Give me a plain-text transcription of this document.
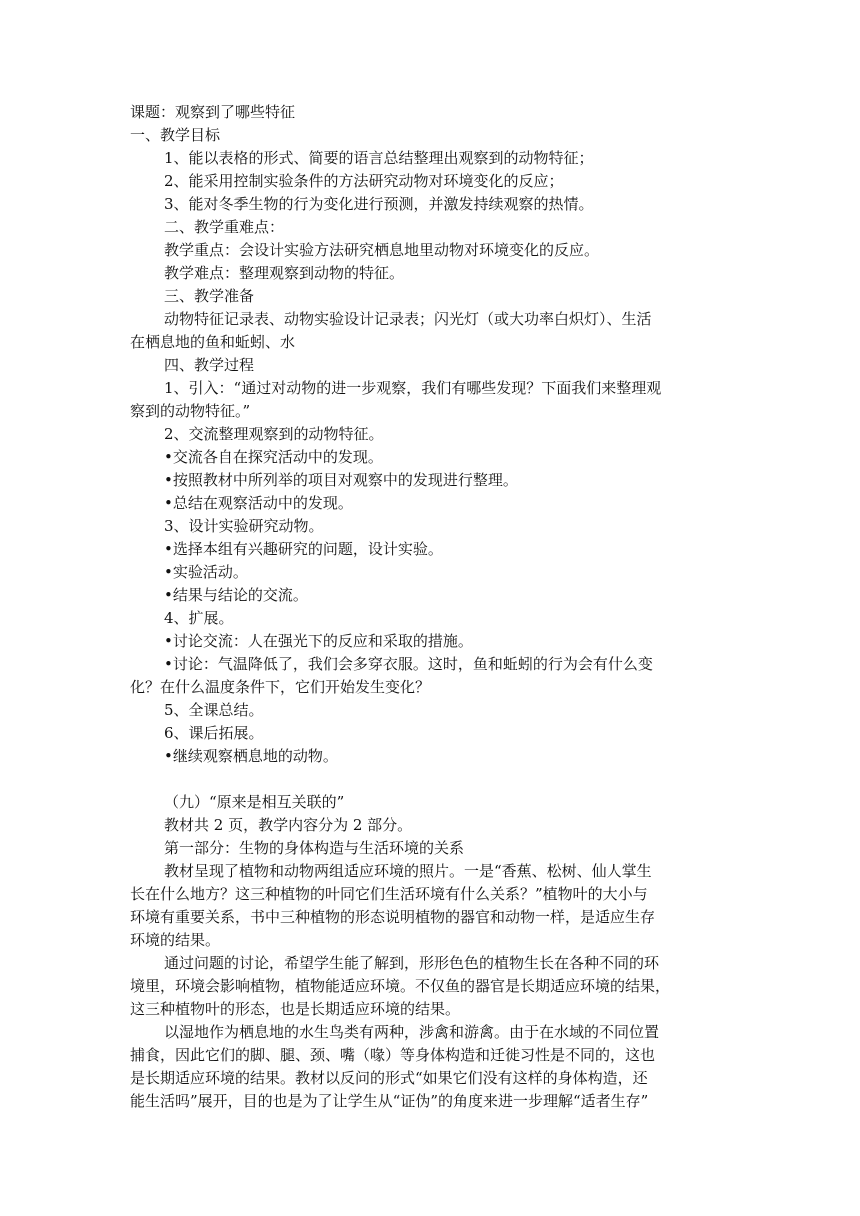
课题：观察到了哪些特征
一、教学目标
1、能以表格的形式、简要的语言总结整理出观察到的动物特征；
2、能采用控制实验条件的方法研究动物对环境变化的反应；
3、能对冬季生物的行为变化进行预测，并激发持续观察的热情。
二、教学重难点：
教学重点：会设计实验方法研究栖息地里动物对环境变化的反应。
教学难点：整理观察到动物的特征。
三、教学准备
动物特征记录表、动物实验设计记录表；闪光灯（或大功率白炽灯）、生活
在栖息地的鱼和蚯蚓、水
四、教学过程
1、引入：“通过对动物的进一步观察，我们有哪些发现？下面我们来整理观
察到的动物特征。”
2、交流整理观察到的动物特征。
•交流各自在探究活动中的发现。
•按照教材中所列举的项目对观察中的发现进行整理。
•总结在观察活动中的发现。
3、设计实验研究动物。
•选择本组有兴趣研究的问题，设计实验。
•实验活动。
•结果与结论的交流。
4、扩展。
•讨论交流：人在强光下的反应和采取的措施。
•讨论：气温降低了，我们会多穿衣服。这时，鱼和蚯蚓的行为会有什么变
化？在什么温度条件下，它们开始发生变化？
5、全课总结。
6、课后拓展。
•继续观察栖息地的动物。
（九）“原来是相互关联的”
教材共 2 页，教学内容分为 2 部分。
第一部分：生物的身体构造与生活环境的关系
教材呈现了植物和动物两组适应环境的照片。一是“香蕉、松树、仙人掌生
长在什么地方？这三种植物的叶同它们生活环境有什么关系？”植物叶的大小与
环境有重要关系，书中三种植物的形态说明植物的器官和动物一样，是适应生存
环境的结果。
通过问题的讨论，希望学生能了解到，形形色色的植物生长在各种不同的环
境里，环境会影响植物，植物能适应环境。不仅鱼的器官是长期适应环境的结果，
这三种植物叶的形态，也是长期适应环境的结果。
以湿地作为栖息地的水生鸟类有两种，涉禽和游禽。由于在水域的不同位置
捕食，因此它们的脚、腿、颈、嘴（喙）等身体构造和迁徙习性是不同的，这也
是长期适应环境的结果。教材以反问的形式“如果它们没有这样的身体构造，还
能生活吗”展开，目的也是为了让学生从“证伪”的角度来进一步理解“适者生存”
